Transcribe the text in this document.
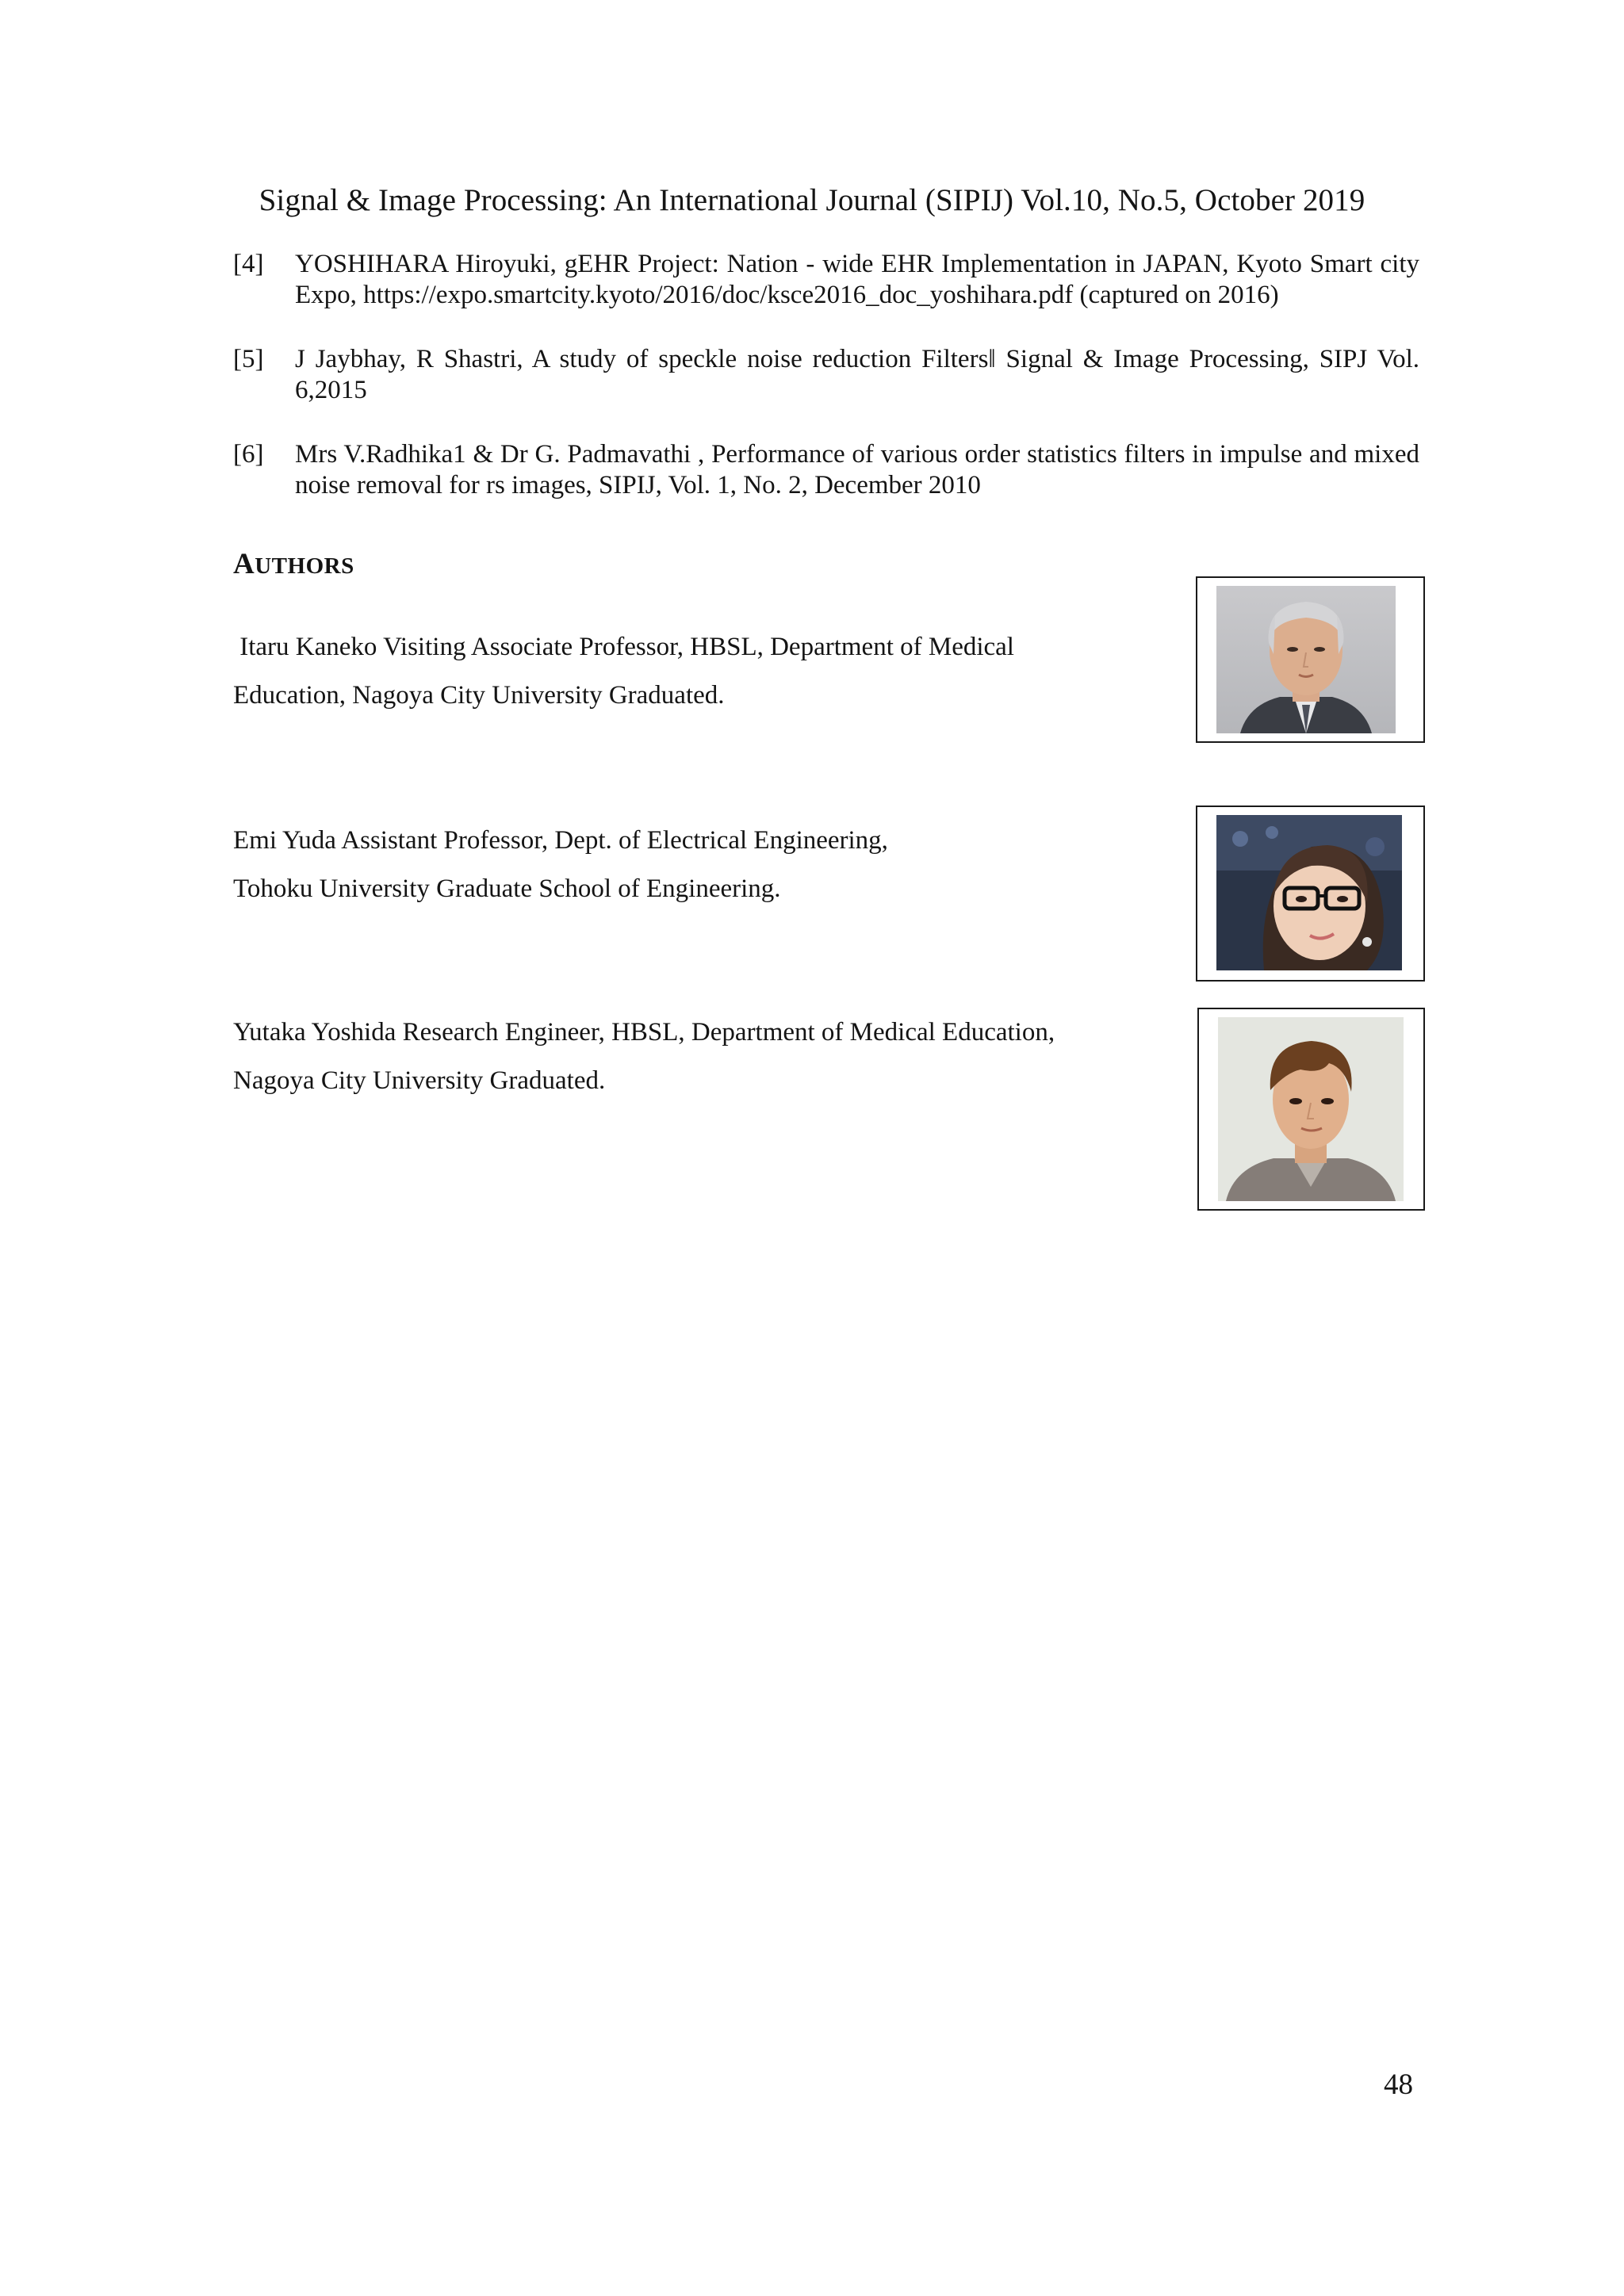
Signal & Image Processing: An International Journal (SIPIJ) Vol.10, No.5, October 2019
[4]	YOSHIHARA Hiroyuki, gEHR Project: Nation - wide EHR Implementation in JAPAN, Kyoto Smart city Expo, https://expo.smartcity.kyoto/2016/doc/ksce2016_doc_yoshihara.pdf (captured on 2016)
[5]	J Jaybhay, R Shastri, A study of speckle noise reduction Filters‖ Signal & Image Processing, SIPJ Vol. 6,2015
[6]	Mrs V.Radhika1 & Dr G. Padmavathi , Performance of various order statistics filters in impulse and mixed noise removal for rs images, SIPIJ, Vol. 1, No. 2, December 2010
AUTHORS
Itaru Kaneko Visiting Associate Professor, HBSL, Department of Medical
Education, Nagoya City University Graduated.
Emi Yuda Assistant Professor, Dept. of Electrical Engineering,
Tohoku University Graduate School of Engineering.
Yutaka Yoshida Research Engineer, HBSL, Department of Medical Education,
Nagoya City University Graduated.
48
